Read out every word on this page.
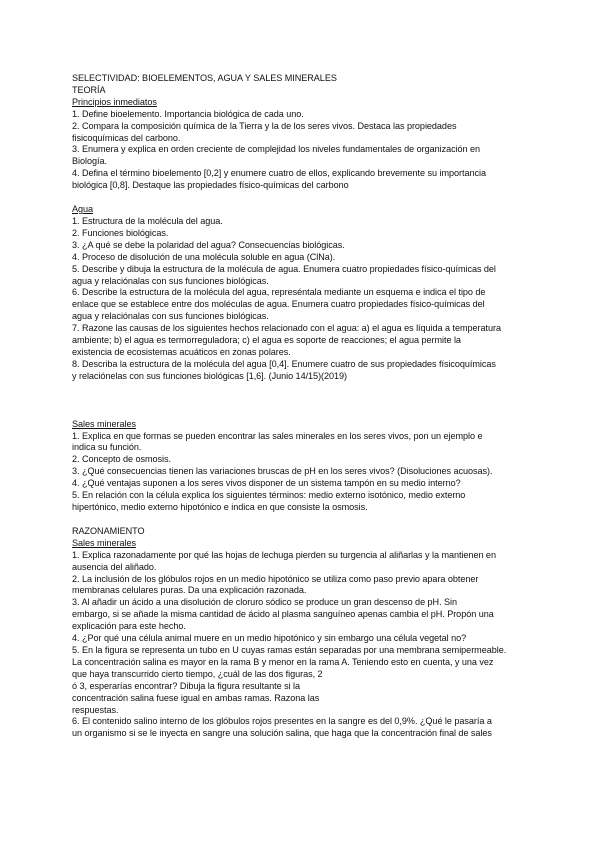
SELECTIVIDAD: BIOELEMENTOS, AGUA Y SALES MINERALES
TEORÍA
Principios inmediatos
1. Define bioelemento. Importancia biológica de cada uno.
2. Compara la composición química de la Tierra y la de los seres vivos. Destaca las propiedades
fisicoquímicas del carbono.
3. Enumera y explica en orden creciente de complejidad los niveles fundamentales de organización en
Biología.
4. Defina el término bioelemento [0,2] y enumere cuatro de ellos, explicando brevemente su importancia
biológica [0,8]. Destaque las propiedades físico-químicas del carbono
Agua
1. Estructura de la molécula del agua.
2. Funciones biológicas.
3. ¿A qué se debe la polaridad del agua? Consecuencias biológicas.
4. Proceso de disolución de una molécula soluble en agua (ClNa).
5. Describe y dibuja la estructura de la molécula de agua. Enumera cuatro propiedades físico-químicas del
agua y relaciónalas con sus funciones biológicas.
6. Describe la estructura de la molécula del agua, represéntala mediante un esquema e indica el tipo de
enlace que se establece entre dos moléculas de agua. Enumera cuatro propiedades físico-químicas del
agua y relaciónalas con sus funciones biológicas.
7. Razone las causas de los siguientes hechos relacionado con el agua: a) el agua es líquida a temperatura
ambiente; b) el agua es termorreguladora; c) el agua es soporte de reacciones; el agua permite la
existencia de ecosistemas acuáticos en zonas polares.
8. Describa la estructura de la molécula del agua [0,4]. Enumere cuatro de sus propiedades físicoquímicas
y relaciónelas con sus funciones biológicas [1,6]. (Junio 14/15)(2019)
Sales minerales
1. Explica en que formas se pueden encontrar las sales minerales en los seres vivos, pon un ejemplo e
indica su función.
2. Concepto de osmosis.
3. ¿Qué consecuencias tienen las variaciones bruscas de pH en los seres vivos? (Disoluciones acuosas).
4. ¿Qué ventajas suponen a los seres vivos disponer de un sistema tampón en su medio interno?
5. En relación con la célula explica los siguientes términos: medio externo isotónico, medio externo
hipertónico, medio externo hipotónico e indica en que consiste la osmosis.
RAZONAMIENTO
Sales minerales
1. Explica razonadamente por qué las hojas de lechuga pierden su turgencia al aliñarlas y la mantienen en
ausencia del aliñado.
2. La inclusión de los glóbulos rojos en un medio hipotónico se utiliza como paso previo apara obtener
membranas celulares puras. Da una explicación razonada.
3. Al añadir un ácido a una disolución de cloruro sódico se produce un gran descenso de pH. Sin
embargo, si se añade la misma cantidad de ácido al plasma sanguíneo apenas cambia el pH. Propón una
explicación para este hecho.
4. ¿Por qué una célula animal muere en un medio hipotónico y sin embargo una célula vegetal no?
5. En la figura se representa un tubo en U cuyas ramas están separadas por una membrana semipermeable.
La concentración salina es mayor en la rama B y menor en la rama A. Teniendo esto en cuenta, y una vez
que haya transcurrido cierto tiempo, ¿cuál de las dos figuras, 2
ó 3, esperarías encontrar? Dibuja la figura resultante si la
concentración salina fuese igual en ambas ramas. Razona las
respuestas.
6. El contenido salino interno de los glóbulos rojos presentes en la sangre es del 0,9%. ¿Qué le pasaría a
un organismo si se le inyecta en sangre una solución salina, que haga que la concentración final de sales
